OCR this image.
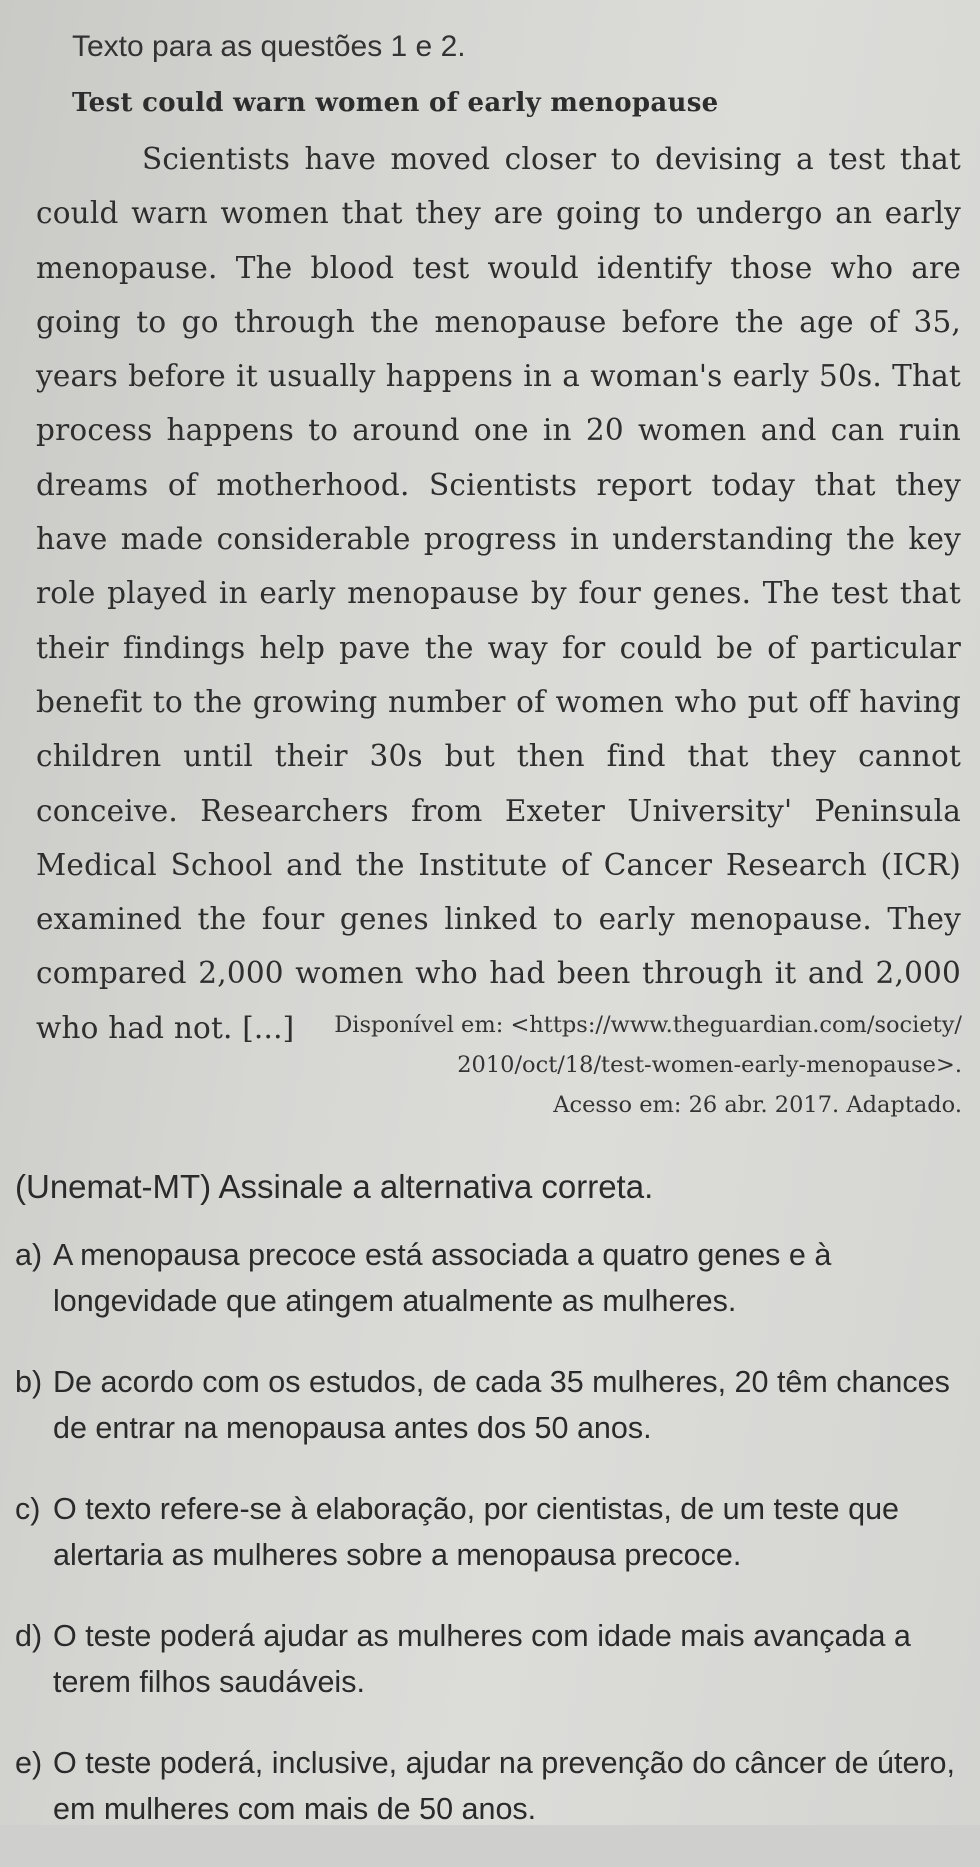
Texto para as questões 1 e 2.
Test could warn women of early menopause
Scientists have moved closer to devising a test that could warn women that they are going to undergo an early menopause. The blood test would identify those who are going to go through the menopause before the age of 35, years before it usually happens in a woman's early 50s. That process happens to around one in 20 women and can ruin dreams of motherhood. Scientists report today that they have made considerable progress in understanding the key role played in early menopause by four genes. The test that their findings help pave the way for could be of particular benefit to the growing number of women who put off having children until their 30s but then find that they cannot conceive. Researchers from Exeter University' Peninsula Medical School and the Institute of Cancer Research (ICR) examined the four genes linked to early menopause. They compared 2,000 women who had been through it and 2,000 who had not. [...]	Disponível em: <https://www.theguardian.com/society/
2010/oct/18/test-women-early-menopause>.
Acesso em: 26 abr. 2017. Adaptado.
(Unemat-MT) Assinale a alternativa correta.
a) A menopausa precoce está associada a quatro genes e à longevidade que atingem atualmente as mulheres.
b) De acordo com os estudos, de cada 35 mulheres, 20 têm chances de entrar na menopausa antes dos 50 anos.
c) O texto refere-se à elaboração, por cientistas, de um teste que alertaria as mulheres sobre a menopausa precoce.
d) O teste poderá ajudar as mulheres com idade mais avançada a terem filhos saudáveis.
e) O teste poderá, inclusive, ajudar na prevenção do câncer de útero, em mulheres com mais de 50 anos.
